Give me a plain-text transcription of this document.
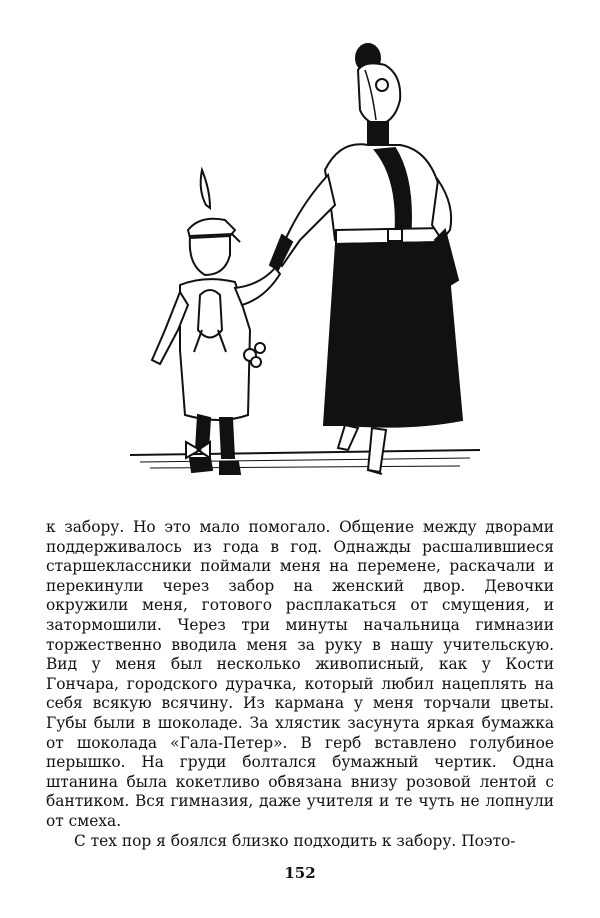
к забору. Но это мало помогало. Общение между дворами поддерживалось из года в год. Однажды расшалившиеся старшеклассники поймали меня на перемене, раскачали и перекинули через забор на женский двор. Девочки окружили меня, готового расплакаться от смущения, и затормошили. Через три минуты начальница гимназии торжественно вводила меня за руку в нашу учительскую. Вид у меня был несколько живописный, как у Кости Гончара, городского дурачка, который любил нацеплять на себя всякую всячину. Из кармана у меня торчали цветы. Губы были в шоколаде. За хлястик засунута яркая бумажка от шоколада «Гала-Петер». В герб вставлено голубиное перышко. На груди болтался бумажный чертик. Одна штанина была кокетливо обвязана внизу розовой лентой с бантиком. Вся гимназия, даже учителя и те чуть не лопнули от смеха.

С тех пор я боялся близко подходить к забору. Поэто-

152
